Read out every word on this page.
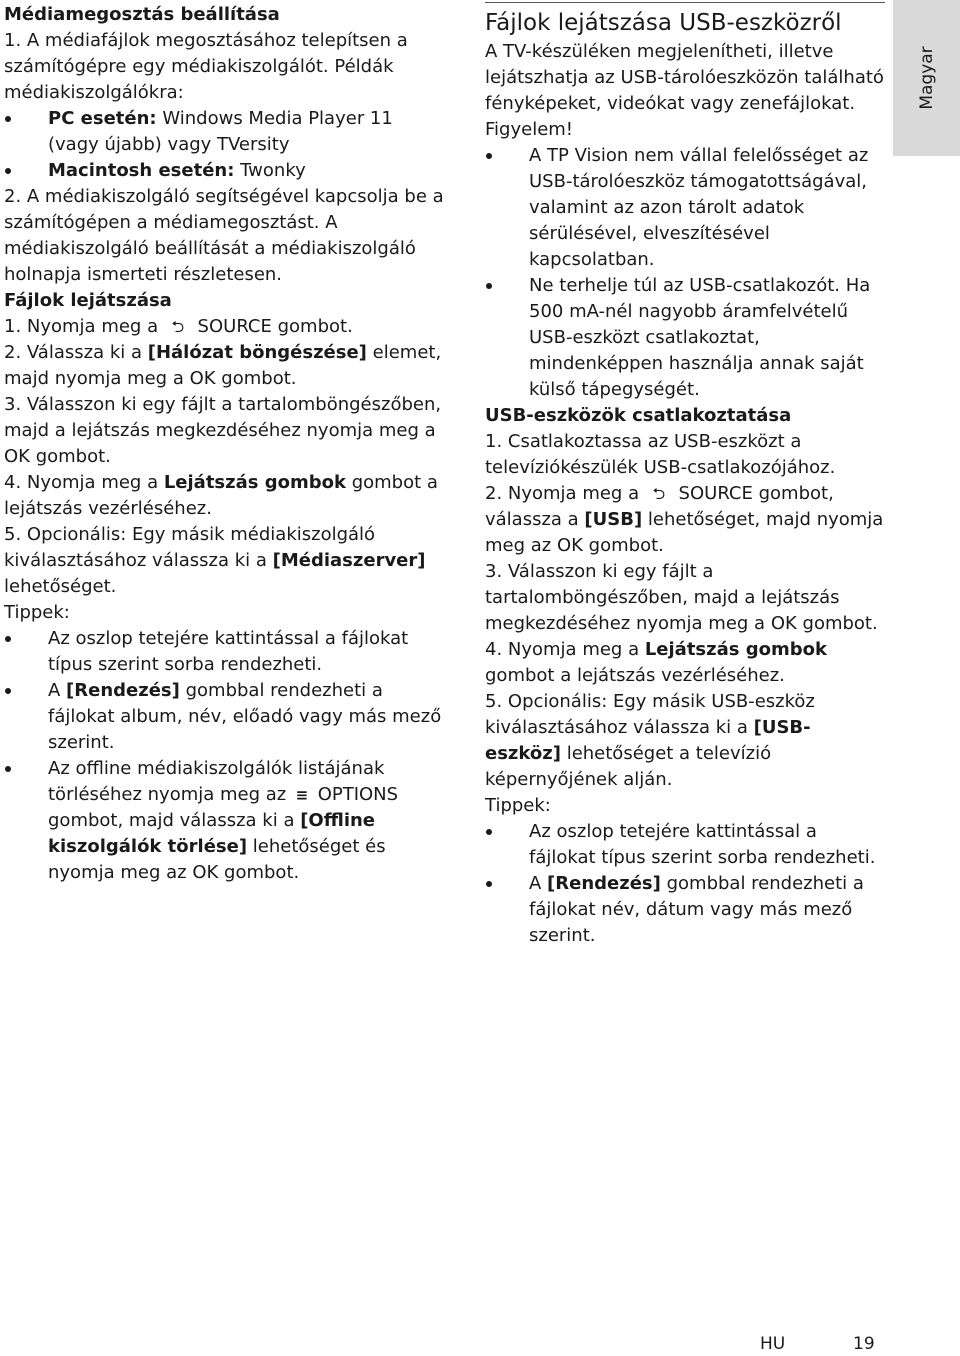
Médiamegosztás beállítása

1. A médiafájlok megosztásához telepítsen a számítógépre egy médiakiszolgálót. Példák médiakiszolgálókra:

PC esetén: Windows Media Player 11 (vagy újabb) vagy TVersity
Macintosh esetén: Twonky

2. A médiakiszolgáló segítségével kapcsolja be a számítógépen a médiamegosztást. A médiakiszolgáló beállítását a médiakiszolgáló holnapja ismerteti részletesen.

Fájlok lejátszása

1. Nyomja meg a ⮌ SOURCE gombot.

2. Válassza ki a [Hálózat böngészése] elemet, majd nyomja meg a OK gombot.

3. Válasszon ki egy fájlt a tartalomböngészőben, majd a lejátszás megkezdéséhez nyomja meg a OK gombot.

4. Nyomja meg a Lejátszás gombok gombot a lejátszás vezérléséhez.

5. Opcionális: Egy másik médiakiszolgáló kiválasztásához válassza ki a [Médiaszerver] lehetőséget.

Tippek:

Az oszlop tetejére kattintással a fájlokat típus szerint sorba rendezheti.
A [Rendezés] gombbal rendezheti a fájlokat album, név, előadó vagy más mező szerint.
Az offline médiakiszolgálók listájának törléséhez nyomja meg az ≡ OPTIONS gombot, majd válassza ki a [Offline kiszolgálók törlése] lehetőséget és nyomja meg az OK gombot.

Fájlok lejátszása USB-eszközről

A TV-készüléken megjelenítheti, illetve lejátszhatja az USB-tárolóeszközön található fényképeket, videókat vagy zenefájlokat.

Figyelem!

A TP Vision nem vállal felelősséget az USB-tárolóeszköz támogatottságával, valamint az azon tárolt adatok sérülésével, elveszítésével kapcsolatban.
Ne terhelje túl az USB-csatlakozót. Ha 500 mA-nél nagyobb áramfelvételű USB-eszközt csatlakoztat, mindenképpen használja annak saját külső tápegységét.

USB-eszközök csatlakoztatása

1. Csatlakoztassa az USB-eszközt a televíziókészülék USB-csatlakozójához.

2. Nyomja meg a ⮌ SOURCE gombot, válassza a [USB] lehetőséget, majd nyomja meg az OK gombot.

3. Válasszon ki egy fájlt a tartalomböngészőben, majd a lejátszás megkezdéséhez nyomja meg a OK gombot.

4. Nyomja meg a Lejátszás gombok gombot a lejátszás vezérléséhez.

5. Opcionális: Egy másik USB-eszköz kiválasztásához válassza ki a [USB-eszköz] lehetőséget a televízió képernyőjének alján.

Tippek:

Az oszlop tetejére kattintással a fájlokat típus szerint sorba rendezheti.
A [Rendezés] gombbal rendezheti a fájlokat név, dátum vagy más mező szerint.
Magyar
HU	19
